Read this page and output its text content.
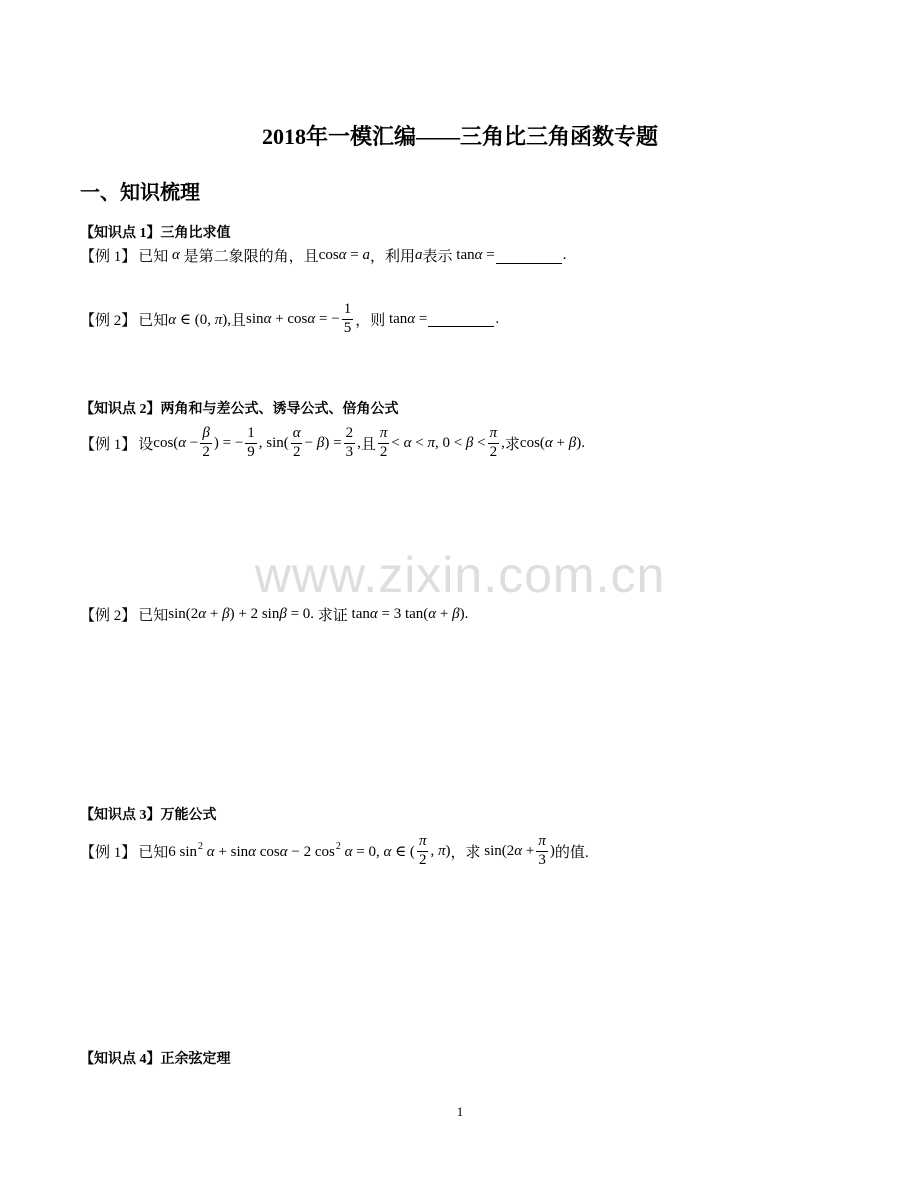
2018年一模汇编——三角比三角函数专题
一、知识梳理
【知识点 1】三角比求值
【例 1】 已知 α 是第二象限的角，且 cosα = a ，利用 a 表示 tanα =	.
【例 2】 已知 α ∈ (0, π), 且 sinα + cosα = − $\frac{1}{5}$ ，则 tanα =	.
【知识点 2】两角和与差公式、诱导公式、倍角公式
【例 1】 设 $\cos(\alpha - \frac{\beta}{2}$ ) = − $\frac{1}{9}$ , $\sin( \frac{\alpha}{2} - \beta) = \frac{2}{3}$ , 且 $\frac{\pi}{2} < \alpha < \pi$, $0 < \beta < \frac{\pi}{2}$ , 求 cos(α + β).
【例 2】 已知 sin(2α + β) + 2 sinβ = 0. 求证 tanα = 3 tan(α + β).
【知识点 3】万能公式
【例 1】 已知 6 $\sin^2 \alpha + \sin\alpha$ cosα − 2 $\cos^2 \alpha = 0$, α ∈ ( $\frac{\pi}{2}$ , π) ，求 $\sin(2\alpha + \frac{\pi}{3}$ ) 的值.
【知识点 4】正余弦定理
www.zixin.com.cn
1
